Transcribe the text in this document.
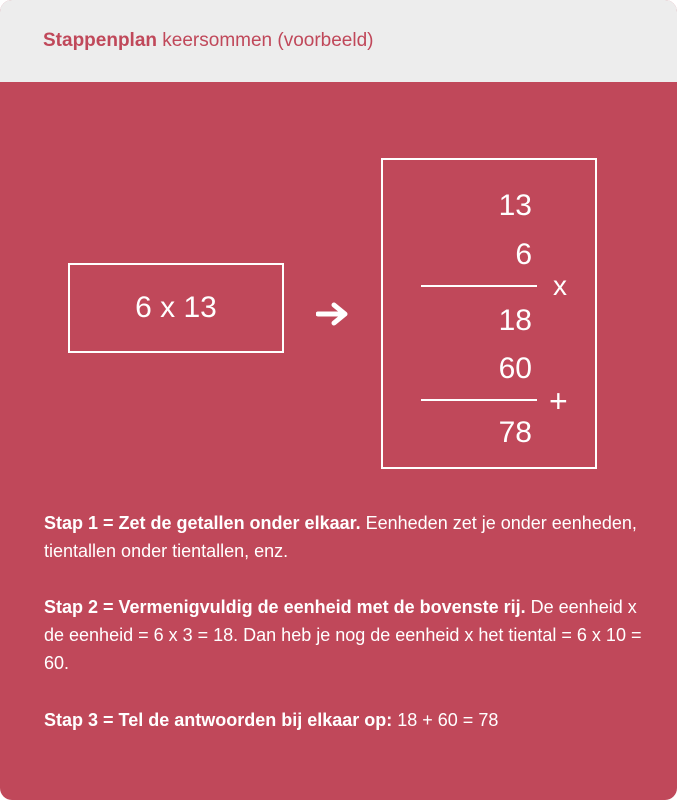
Stappenplan keersommen (voorbeeld)
6 x 13
13
6
x
18
60
+
78
Stap 1 = Zet de getallen onder elkaar. Eenheden zet je onder eenheden, tientallen onder tientallen, enz.
Stap 2 = Vermenigvuldig de eenheid met de bovenste rij. De eenheid x de eenheid = 6 x 3 = 18. Dan heb je nog de eenheid x het tiental = 6 x 10 = 60.
Stap 3 = Tel de antwoorden bij elkaar op: 18 + 60 = 78
